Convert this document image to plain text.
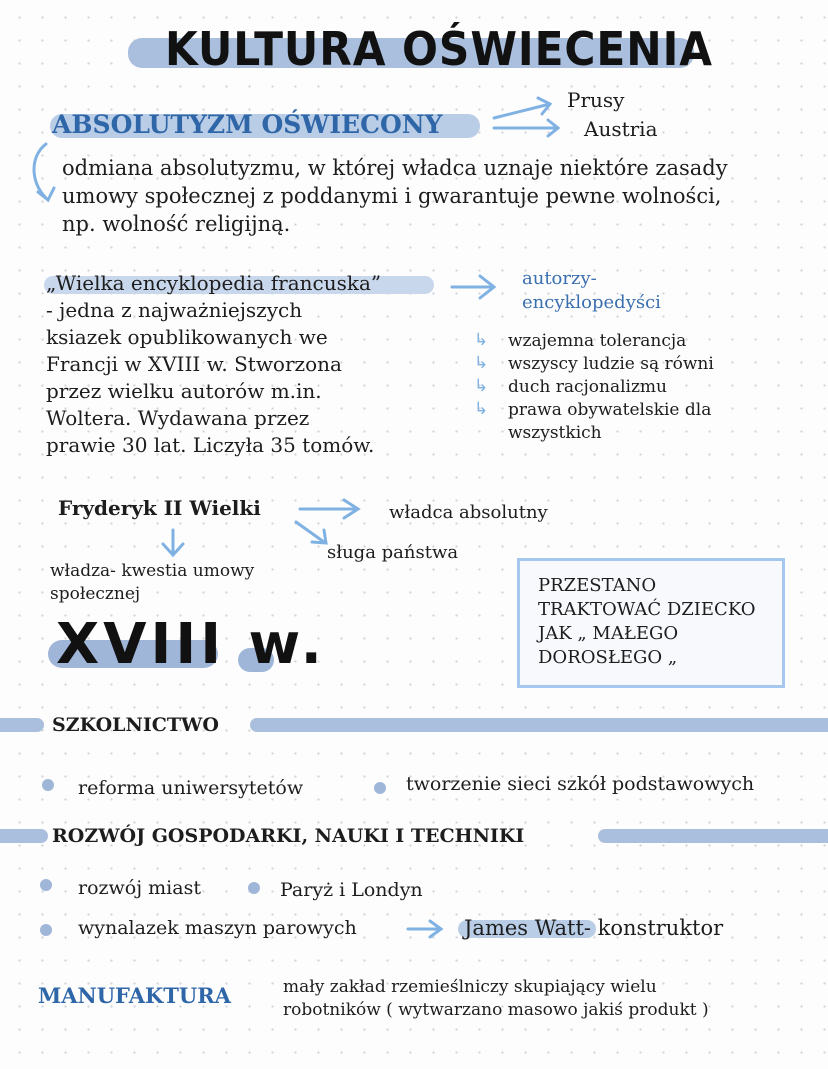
KULTURA OŚWIECENIA
ABSOLUTYZM OŚWIECONY
Prusy
Austria
odmiana absolutyzmu, w której władca uznaje niektóre zasady
umowy społecznej z poddanymi i gwarantuje pewne wolności,
np. wolność religijną.
„Wielka encyklopedia francuska”
- jedna z najważniejszych
ksiazek opublikowanych we
Francji w XVIII w. Stworzona
przez wielku autorów m.in.
Woltera. Wydawana przez
prawie 30 lat. Liczyła 35 tomów.
autorzy-
encyklopedyści
↳
↳
↳
↳
wzajemna tolerancja
wszyscy ludzie są równi
duch racjonalizmu
prawa obywatelskie dla
wszystkich
Fryderyk II Wielki	władca absolutny
sługa państwa
władza- kwestia umowy
społecznej
XVIII w.
PRZESTANO
TRAKTOWAĆ DZIECKO
JAK „ MAŁEGO
DOROSŁEGO „
SZKOLNICTWO
reforma uniwersytetów	tworzenie sieci szkół podstawowych
ROZWÓJ GOSPODARKI, NAUKI I TECHNIKI
rozwój miast	Paryż i Londyn
wynalazek maszyn parowych	James Watt- konstruktor
MANUFAKTURA	mały zakład rzemieślniczy skupiający wielu
robotników ( wytwarzano masowo jakiś produkt )
